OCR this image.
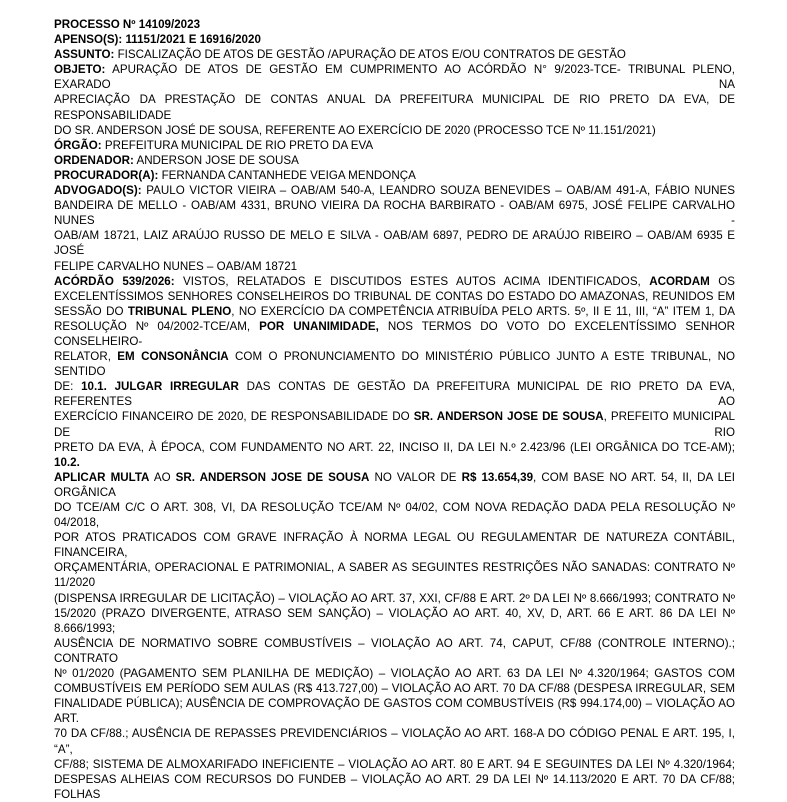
PROCESSO Nº 14109/2023
APENSO(S): 11151/2021 E 16916/2020
ASSUNTO: FISCALIZAÇÃO DE ATOS DE GESTÃO /APURAÇÃO DE ATOS E/OU CONTRATOS DE GESTÃO
OBJETO: APURAÇÃO DE ATOS DE GESTÃO EM CUMPRIMENTO AO ACÓRDÃO N° 9/2023-TCE- TRIBUNAL PLENO, EXARADO NA
APRECIAÇÃO DA PRESTAÇÃO DE CONTAS ANUAL DA PREFEITURA MUNICIPAL DE RIO PRETO DA EVA, DE RESPONSABILIDADE
DO SR. ANDERSON JOSÉ DE SOUSA, REFERENTE AO EXERCÍCIO DE 2020 (PROCESSO TCE Nº 11.151/2021)
ÓRGÃO: PREFEITURA MUNICIPAL DE RIO PRETO DA EVA
ORDENADOR: ANDERSON JOSE DE SOUSA
PROCURADOR(A): FERNANDA CANTANHEDE VEIGA MENDONÇA
ADVOGADO(S): PAULO VICTOR VIEIRA – OAB/AM 540-A, LEANDRO SOUZA BENEVIDES – OAB/AM 491-A, FÁBIO NUNES
BANDEIRA DE MELLO - OAB/AM 4331, BRUNO VIEIRA DA ROCHA BARBIRATO - OAB/AM 6975, JOSÉ FELIPE CARVALHO NUNES -
OAB/AM 18721, LAIZ ARAÚJO RUSSO DE MELO E SILVA - OAB/AM 6897, PEDRO DE ARAÚJO RIBEIRO – OAB/AM 6935 E JOSÉ
FELIPE CARVALHO NUNES – OAB/AM 18721
ACÓRDÃO 539/2026: VISTOS, RELATADOS E DISCUTIDOS ESTES AUTOS ACIMA IDENTIFICADOS, ACORDAM OS
EXCELENTÍSSIMOS SENHORES CONSELHEIROS DO TRIBUNAL DE CONTAS DO ESTADO DO AMAZONAS, REUNIDOS EM
SESSÃO DO TRIBUNAL PLENO, NO EXERCÍCIO DA COMPETÊNCIA ATRIBUÍDA PELO ARTS. 5º, II E 11, III, “A” ITEM 1, DA
RESOLUÇÃO Nº 04/2002-TCE/AM, POR UNANIMIDADE, NOS TERMOS DO VOTO DO EXCELENTÍSSIMO SENHOR CONSELHEIRO-
RELATOR, EM CONSONÂNCIA COM O PRONUNCIAMENTO DO MINISTÉRIO PÚBLICO JUNTO A ESTE TRIBUNAL, NO SENTIDO
DE: 10.1. JULGAR IRREGULAR DAS CONTAS DE GESTÃO DA PREFEITURA MUNICIPAL DE RIO PRETO DA EVA, REFERENTES AO
EXERCÍCIO FINANCEIRO DE 2020, DE RESPONSABILIDADE DO SR. ANDERSON JOSE DE SOUSA, PREFEITO MUNICIPAL DE RIO
PRETO DA EVA, À ÉPOCA, COM FUNDAMENTO NO ART. 22, INCISO II, DA LEI N.º 2.423/96 (LEI ORGÂNICA DO TCE-AM); 10.2.
APLICAR MULTA AO SR. ANDERSON JOSE DE SOUSA NO VALOR DE R$ 13.654,39, COM BASE NO ART. 54, II, DA LEI ORGÂNICA
DO TCE/AM C/C O ART. 308, VI, DA RESOLUÇÃO TCE/AM Nº 04/02, COM NOVA REDAÇÃO DADA PELA RESOLUÇÃO Nº 04/2018,
POR ATOS PRATICADOS COM GRAVE INFRAÇÃO À NORMA LEGAL OU REGULAMENTAR DE NATUREZA CONTÁBIL, FINANCEIRA,
ORÇAMENTÁRIA, OPERACIONAL E PATRIMONIAL, A SABER AS SEGUINTES RESTRIÇÕES NÃO SANADAS: CONTRATO Nº 11/2020
(DISPENSA IRREGULAR DE LICITAÇÃO) – VIOLAÇÃO AO ART. 37, XXI, CF/88 E ART. 2º DA LEI Nº 8.666/1993; CONTRATO Nº
15/2020 (PRAZO DIVERGENTE, ATRASO SEM SANÇÃO) – VIOLAÇÃO AO ART. 40, XV, D, ART. 66 E ART. 86 DA LEI Nº 8.666/1993;
AUSÊNCIA DE NORMATIVO SOBRE COMBUSTÍVEIS – VIOLAÇÃO AO ART. 74, CAPUT, CF/88 (CONTROLE INTERNO).; CONTRATO
Nº 01/2020 (PAGAMENTO SEM PLANILHA DE MEDIÇÃO) – VIOLAÇÃO AO ART. 63 DA LEI Nº 4.320/1964; GASTOS COM
COMBUSTÍVEIS EM PERÍODO SEM AULAS (R$ 413.727,00) – VIOLAÇÃO AO ART. 70 DA CF/88 (DESPESA IRREGULAR, SEM
FINALIDADE PÚBLICA); AUSÊNCIA DE COMPROVAÇÃO DE GASTOS COM COMBUSTÍVEIS (R$ 994.174,00) – VIOLAÇÃO AO ART.
70 DA CF/88.; AUSÊNCIA DE REPASSES PREVIDENCIÁRIOS – VIOLAÇÃO AO ART. 168-A DO CÓDIGO PENAL E ART. 195, I, “A”,
CF/88; SISTEMA DE ALMOXARIFADO INEFICIENTE – VIOLAÇÃO AO ART. 80 E ART. 94 E SEGUINTES DA LEI Nº 4.320/1964;
DESPESAS ALHEIAS COM RECURSOS DO FUNDEB – VIOLAÇÃO AO ART. 29 DA LEI Nº 14.113/2020 E ART. 70 DA CF/88; FOLHAS
